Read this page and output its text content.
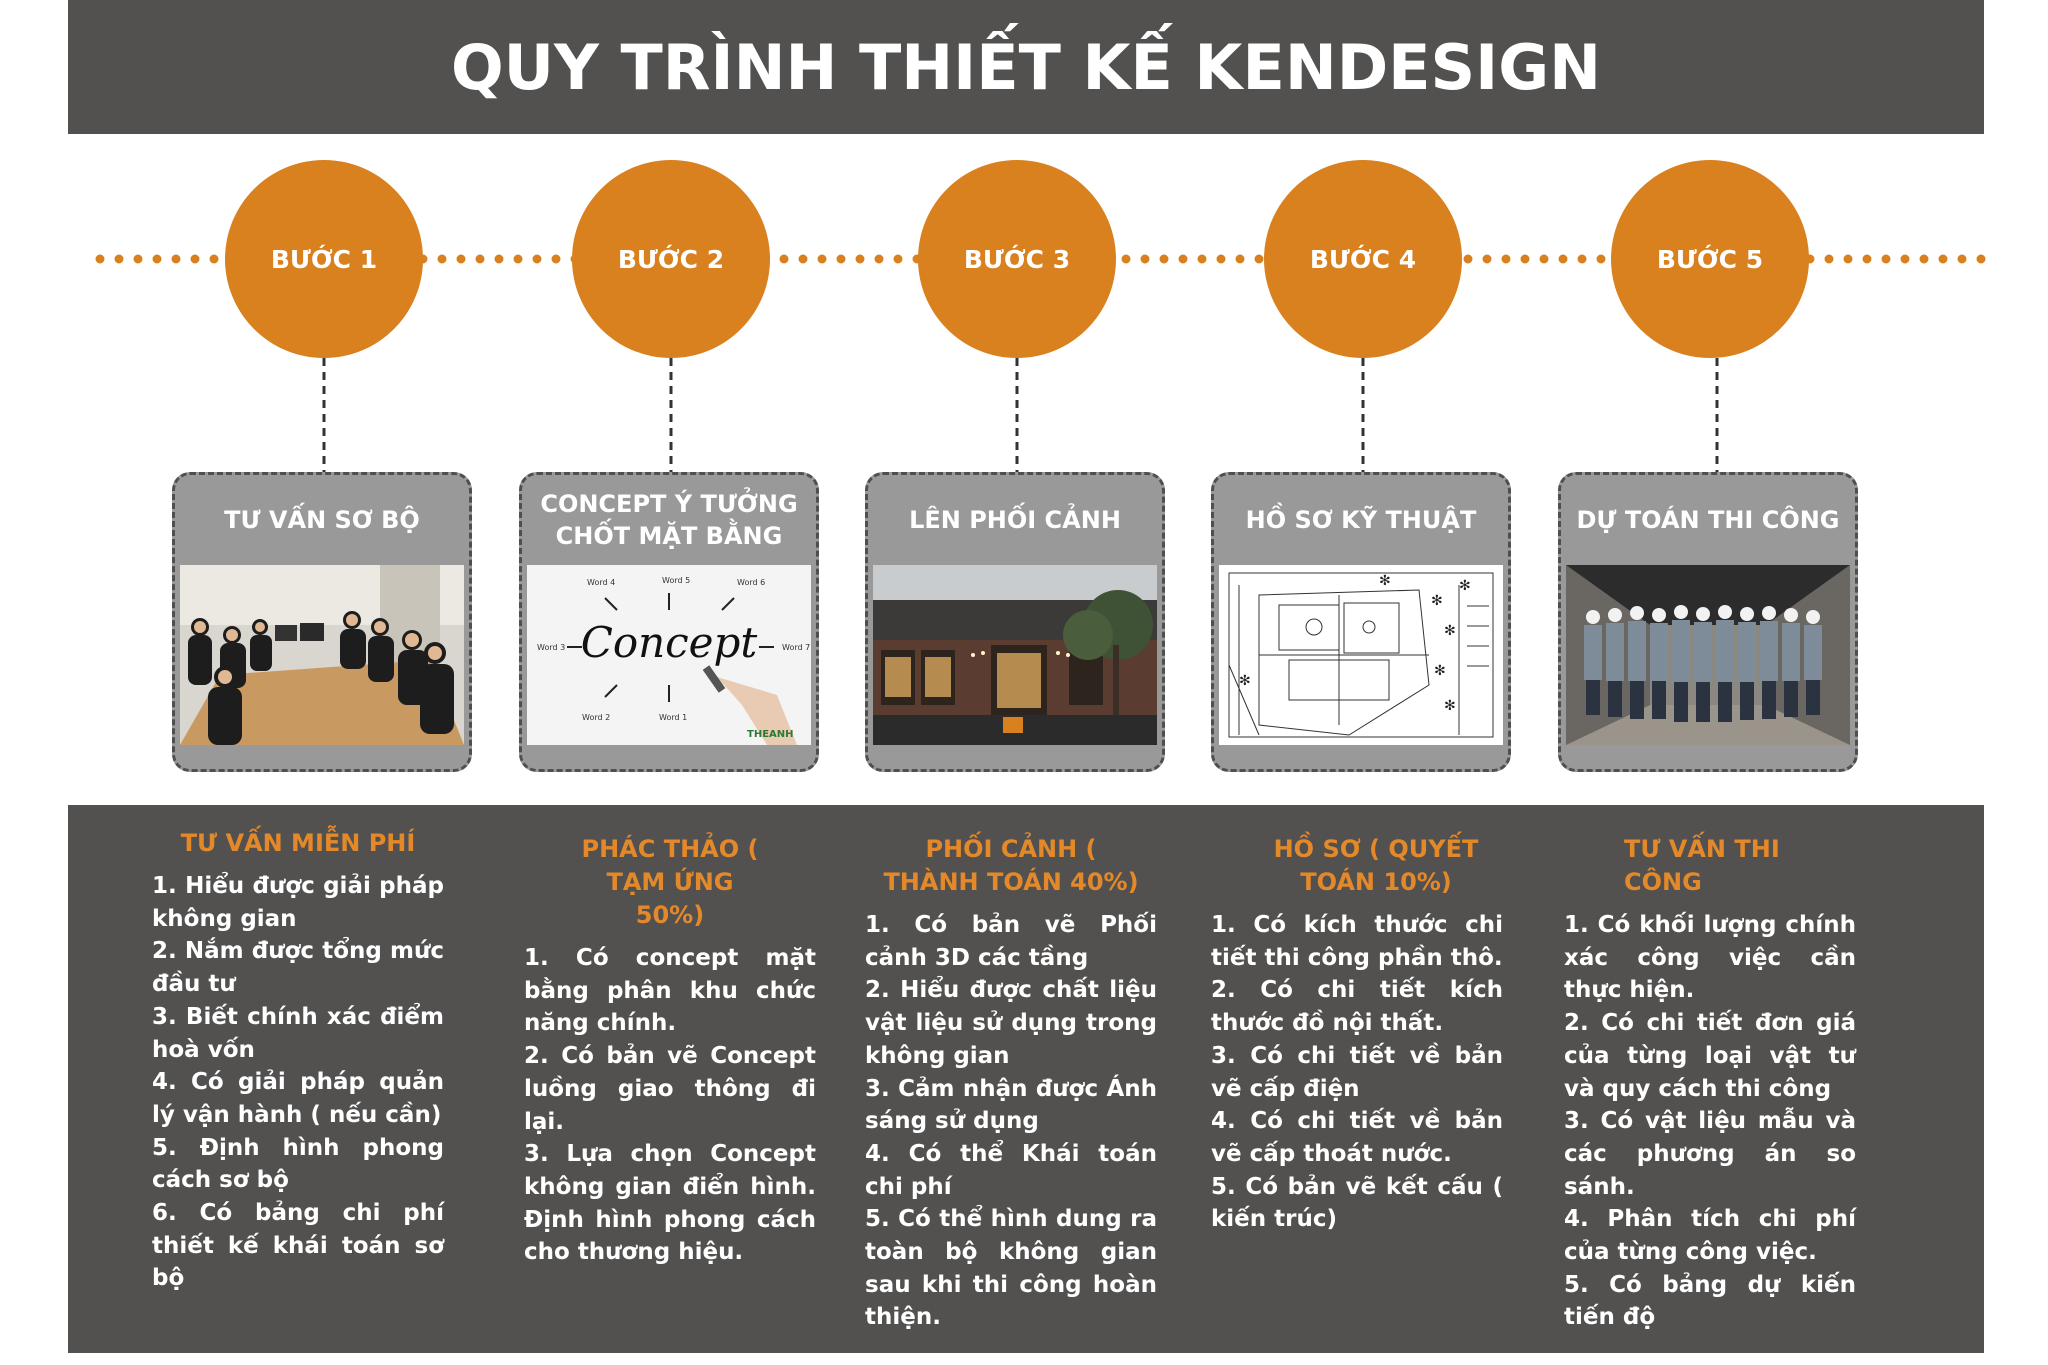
QUY TRÌNH THIẾT KẾ KENDESIGN
BƯỚC 1	BƯỚC 2	BƯỚC 3	BƯỚC 4	BƯỚC 5
TƯ VẤN SƠ BỘ
CONCEPT Ý TƯỞNG CHỐT MẶT BẰNG
Concept
Word 4	Word 5	Word 6
Word 3	Word 7
Word 2	Word 1
THEANH
LÊN PHỐI CẢNH	HỒ SƠ KỸ THUẬT
✻
✻
✻
✻
✻
✻
✻
DỰ TOÁN THI CÔNG
TƯ VẤN MIỄN PHÍ
1. Hiểu được giải pháp không gian
2. Nắm được tổng mức đầu tư
3. Biết chính xác điểm hoà vốn
4. Có giải pháp quản lý vận hành ( nếu cần)
5. Định hình phong cách sơ bộ
6. Có bảng chi phí thiết kế khái toán sơ bộ
PHÁC THẢO ( TẠM ỨNG 50%)
1. Có concept mặt bằng phân khu chức năng chính.
2. Có bản vẽ Concept luồng giao thông đi lại.
3. Lựa chọn Concept không gian điển hình. Định hình phong cách cho thương hiệu.
PHỐI CẢNH ( THÀNH TOÁN 40%)
1. Có bản vẽ Phối cảnh 3D các tầng
2. Hiểu được chất liệu vật liệu sử dụng trong không gian
3. Cảm nhận được Ánh sáng sử dụng
4. Có thể Khái toán chi phí
5. Có thể hình dung ra toàn bộ không gian sau khi thi công hoàn thiện.
HỒ SƠ ( QUYẾT TOÁN 10%)
1. Có kích thước chi tiết thi công phần thô.
2. Có chi tiết kích thước đồ nội thất.
3. Có chi tiết về bản vẽ cấp điện
4. Có chi tiết về bản vẽ cấp thoát nước.
5. Có bản vẽ kết cấu ( kiến trúc)
TƯ VẤN THI CÔNG
1. Có khối lượng chính xác công việc cần thực hiện.
2. Có chi tiết đơn giá của từng loại vật tư và quy cách thi công
3. Có vật liệu mẫu và các phương án so sánh.
4. Phân tích chi phí của từng công việc.
5. Có bảng dự kiến tiến độ
